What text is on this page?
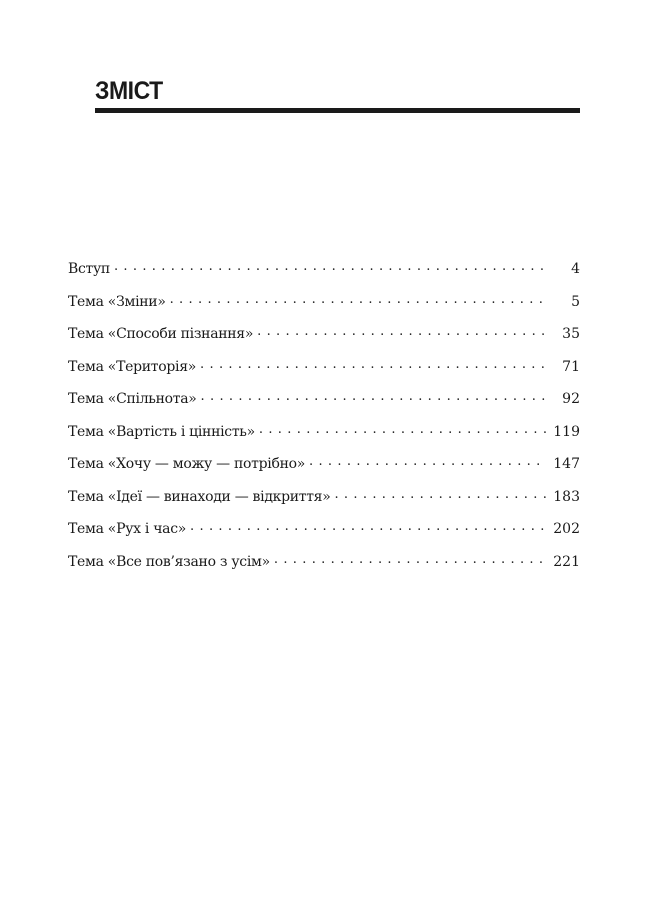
ЗМІСТ
Вступ . . .	4
Тема «Зміни» . . .	5
Тема «Способи пізнання» . . .	35
Тема «Територія» . . .	71
Тема «Спільнота» . . .	92
Тема «Вартість і цінність» . . .	119
Тема «Хочу — можу — потрібно» . . .	147
Тема «Ідеї — винаходи — відкриття» . . .	183
Тема «Рух і час» . . .	202
Тема «Все пов’язано з усім» . . .	221
